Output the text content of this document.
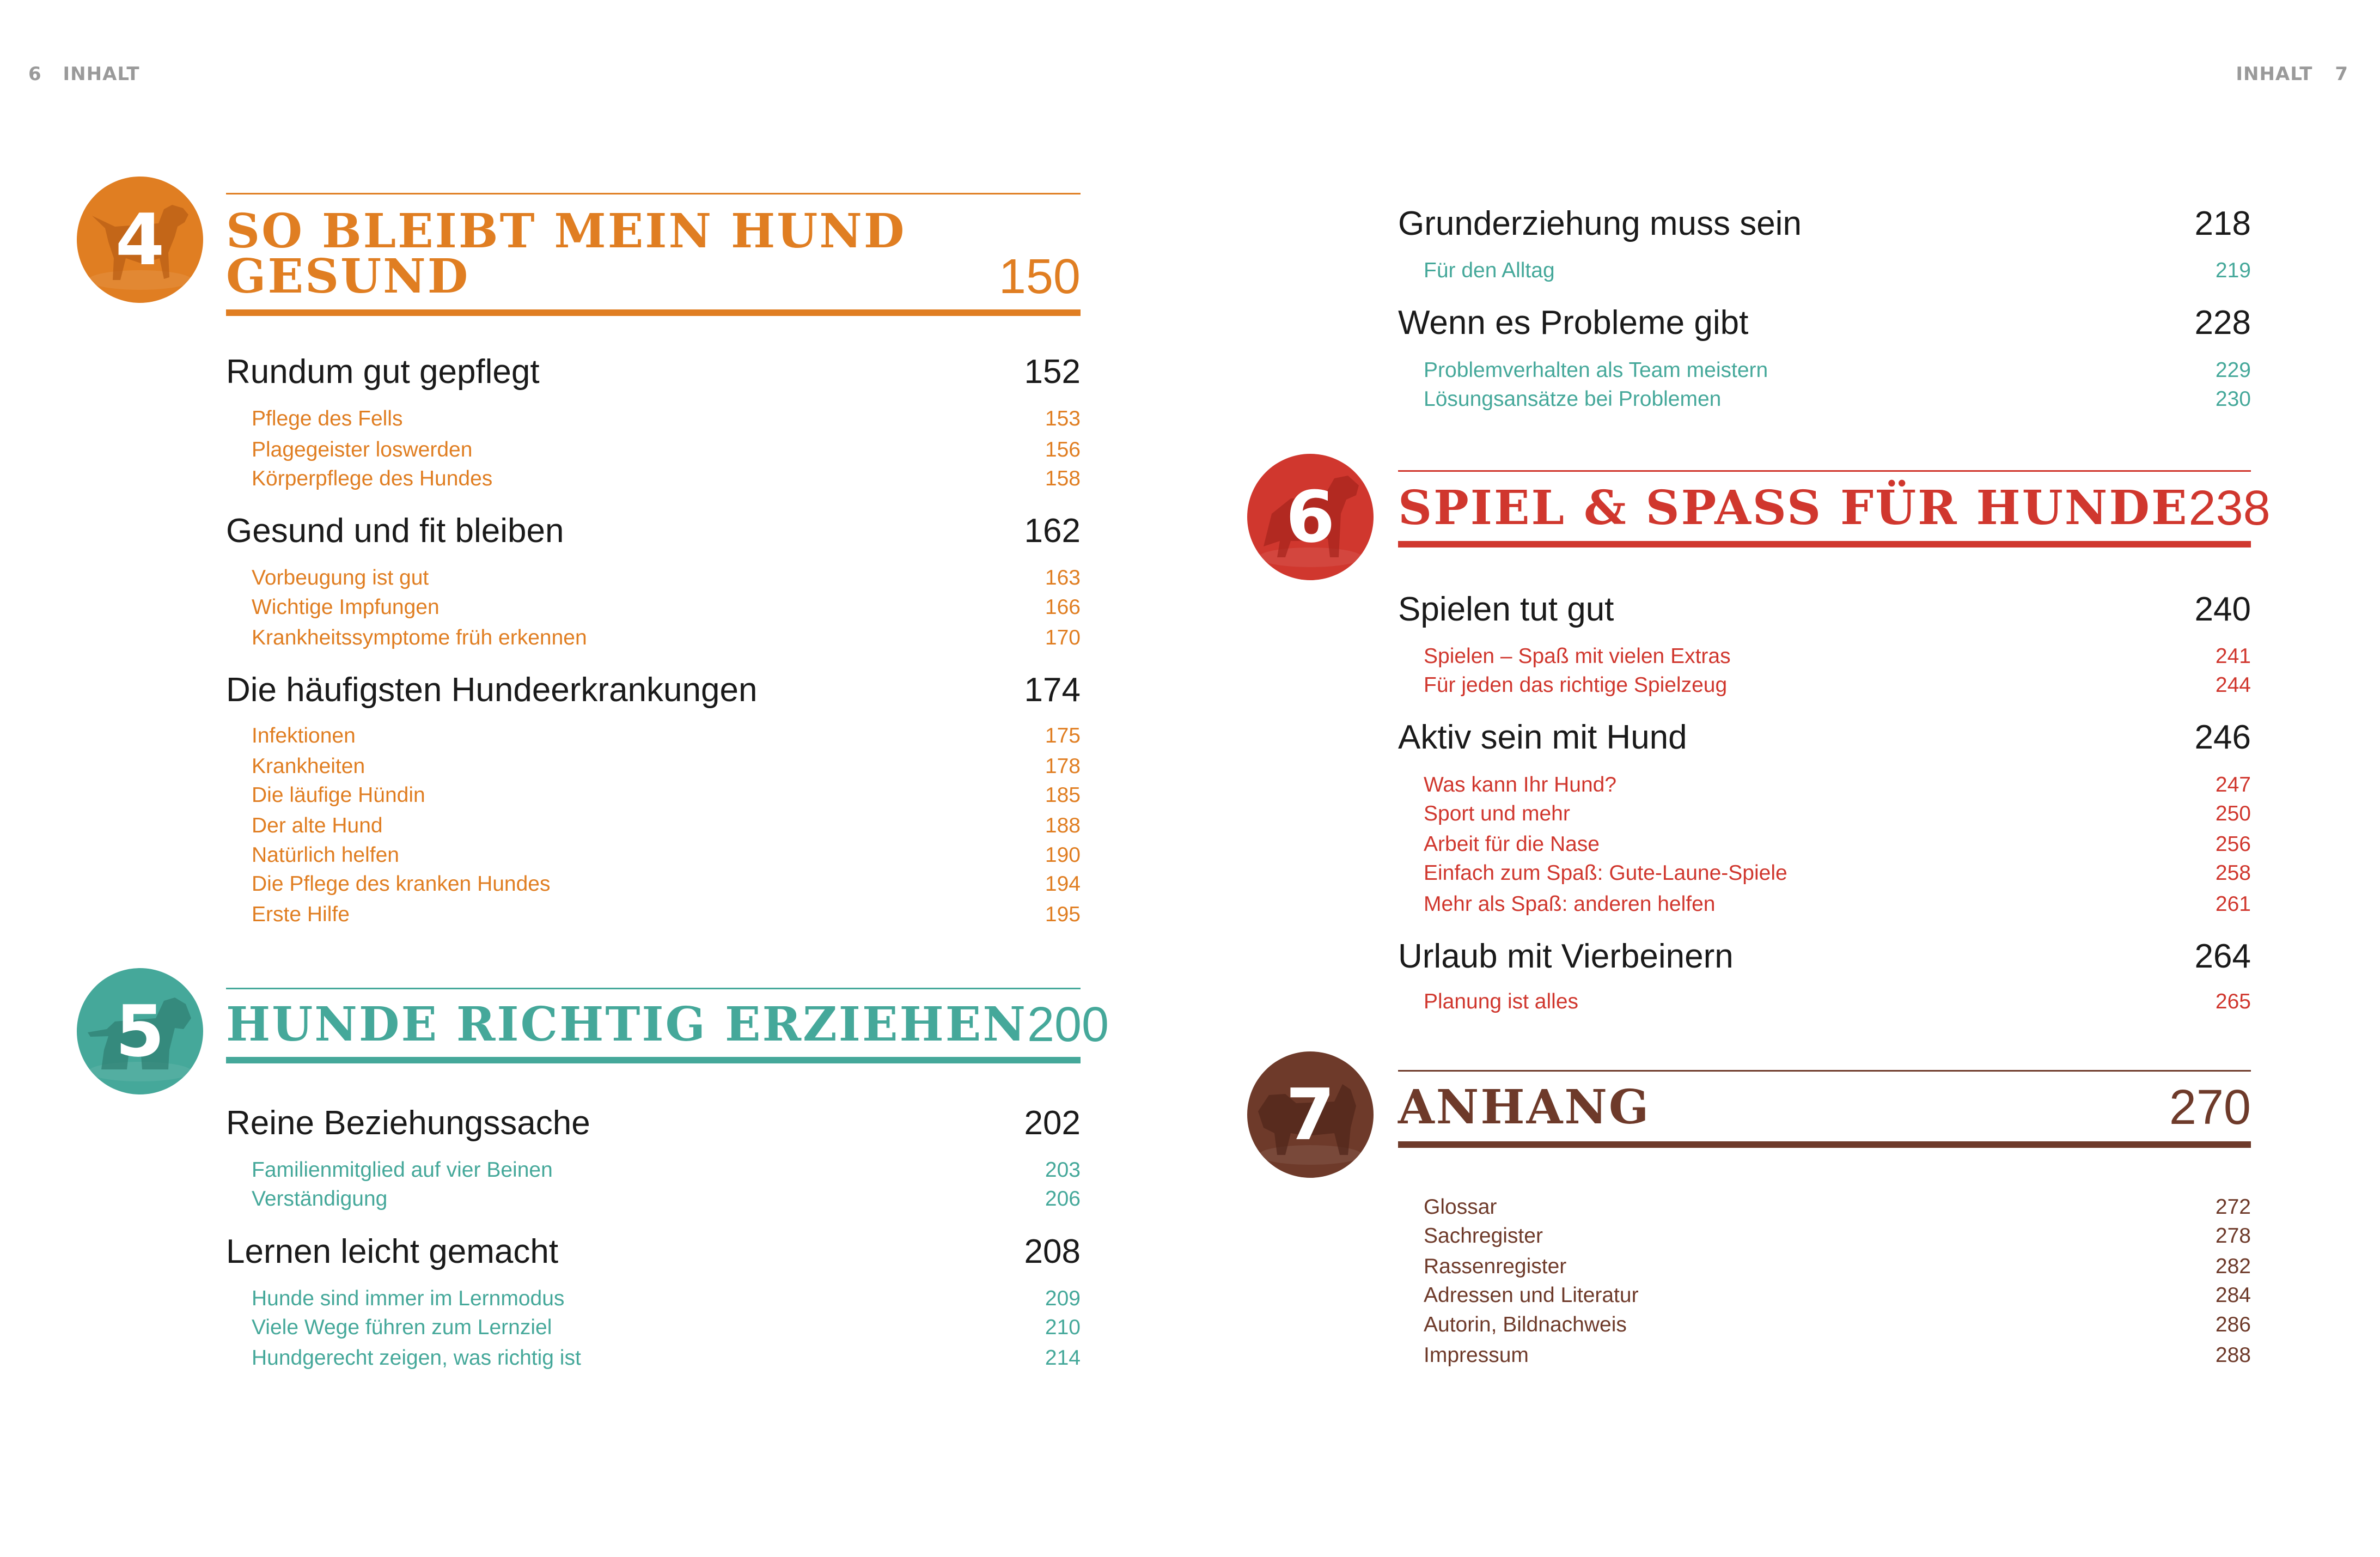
6 INHALT	INHALT 7
4	SO BLEIBT MEIN HUND
GESUND	150
Rundum gut gepflegt	152
Pflege des Fells	153
Plagegeister loswerden	156
Körperpflege des Hundes	158
Gesund und fit bleiben	162
Vorbeugung ist gut	163
Wichtige Impfungen	166
Krankheitssymptome früh erkennen	170
Die häufigsten Hundeerkrankungen	174
Infektionen	175
Krankheiten	178
Die läufige Hündin	185
Der alte Hund	188
Natürlich helfen	190
Die Pflege des kranken Hundes	194
Erste Hilfe	195
5	HUNDE RICHTIG ERZIEHEN 200
Reine Beziehungssache	202
Familienmitglied auf vier Beinen	203
Verständigung	206
Lernen leicht gemacht	208
Hunde sind immer im Lernmodus	209
Viele Wege führen zum Lernziel	210
Hundgerecht zeigen, was richtig ist	214
Grunderziehung muss sein	218
Für den Alltag	219
Wenn es Probleme gibt	228
Problemverhalten als Team meistern	229
Lösungsansätze bei Problemen	230
6	SPIEL & SPASS FÜR HUNDE 238
Spielen tut gut	240
Spielen – Spaß mit vielen Extras	241
Für jeden das richtige Spielzeug	244
Aktiv sein mit Hund	246
Was kann Ihr Hund?	247
Sport und mehr	250
Arbeit für die Nase	256
Einfach zum Spaß: Gute-Laune-Spiele	258
Mehr als Spaß: anderen helfen	261
Urlaub mit Vierbeinern	264
Planung ist alles	265
7	ANHANG	270
Glossar	272
Sachregister	278
Rassenregister	282
Adressen und Literatur	284
Autorin, Bildnachweis	286
Impressum	288
